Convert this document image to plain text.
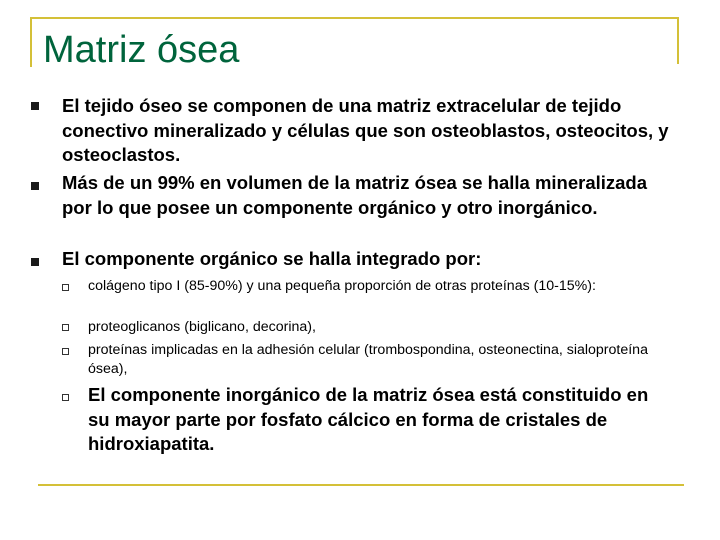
Matriz ósea
El tejido óseo se componen de una matriz extracelular de tejido conectivo mineralizado y células que son osteoblastos, osteocitos, y osteoclastos.
Más de un 99% en volumen de la matriz ósea se halla mineralizada por lo que posee un componente orgánico y otro inorgánico.
El componente orgánico se halla integrado por:
colágeno tipo I (85-90%) y una pequeña proporción de otras proteínas (10-15%):
proteoglicanos (biglicano, decorina),
proteínas implicadas en la adhesión celular (trombospondina, osteonectina, sialoproteína ósea),
El componente inorgánico de la matriz ósea está constituido en su mayor parte por fosfato cálcico en forma de cristales de hidroxiapatita.
